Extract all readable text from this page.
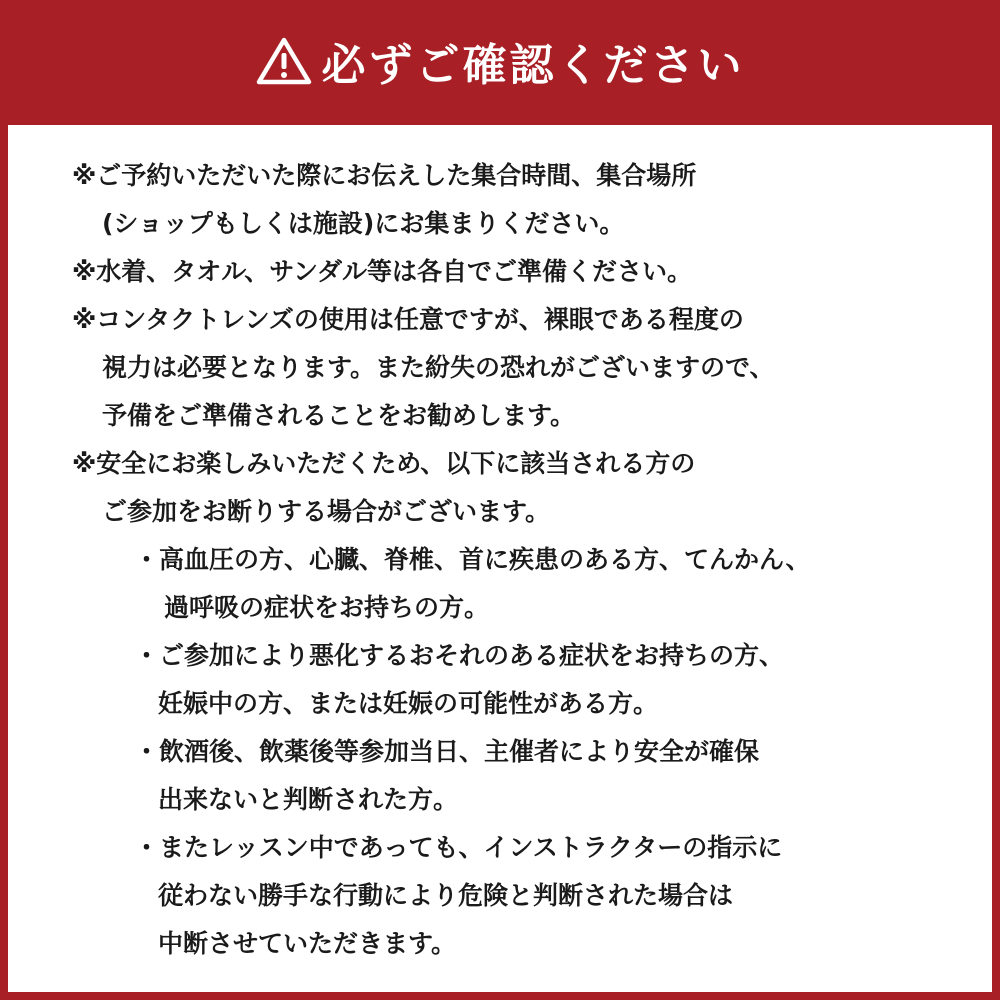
必ずご確認ください
※ご予約いただいた際にお伝えした集合時間、集合場所
(ショップもしくは施設)にお集まりください。
※水着、タオル、サンダル等は各自でご準備ください。
※コンタクトレンズの使用は任意ですが、裸眼である程度の
視力は必要となります。また紛失の恐れがございますので、
予備をご準備されることをお勧めします。
※安全にお楽しみいただくため、以下に該当される方の
ご参加をお断りする場合がございます。
・高血圧の方、心臓、脊椎、首に疾患のある方、てんかん、
過呼吸の症状をお持ちの方。
・ご参加により悪化するおそれのある症状をお持ちの方、
妊娠中の方、または妊娠の可能性がある方。
・飲酒後、飲薬後等参加当日、主催者により安全が確保
出来ないと判断された方。
・またレッスン中であっても、インストラクターの指示に
従わない勝手な行動により危険と判断された場合は
中断させていただきます。
